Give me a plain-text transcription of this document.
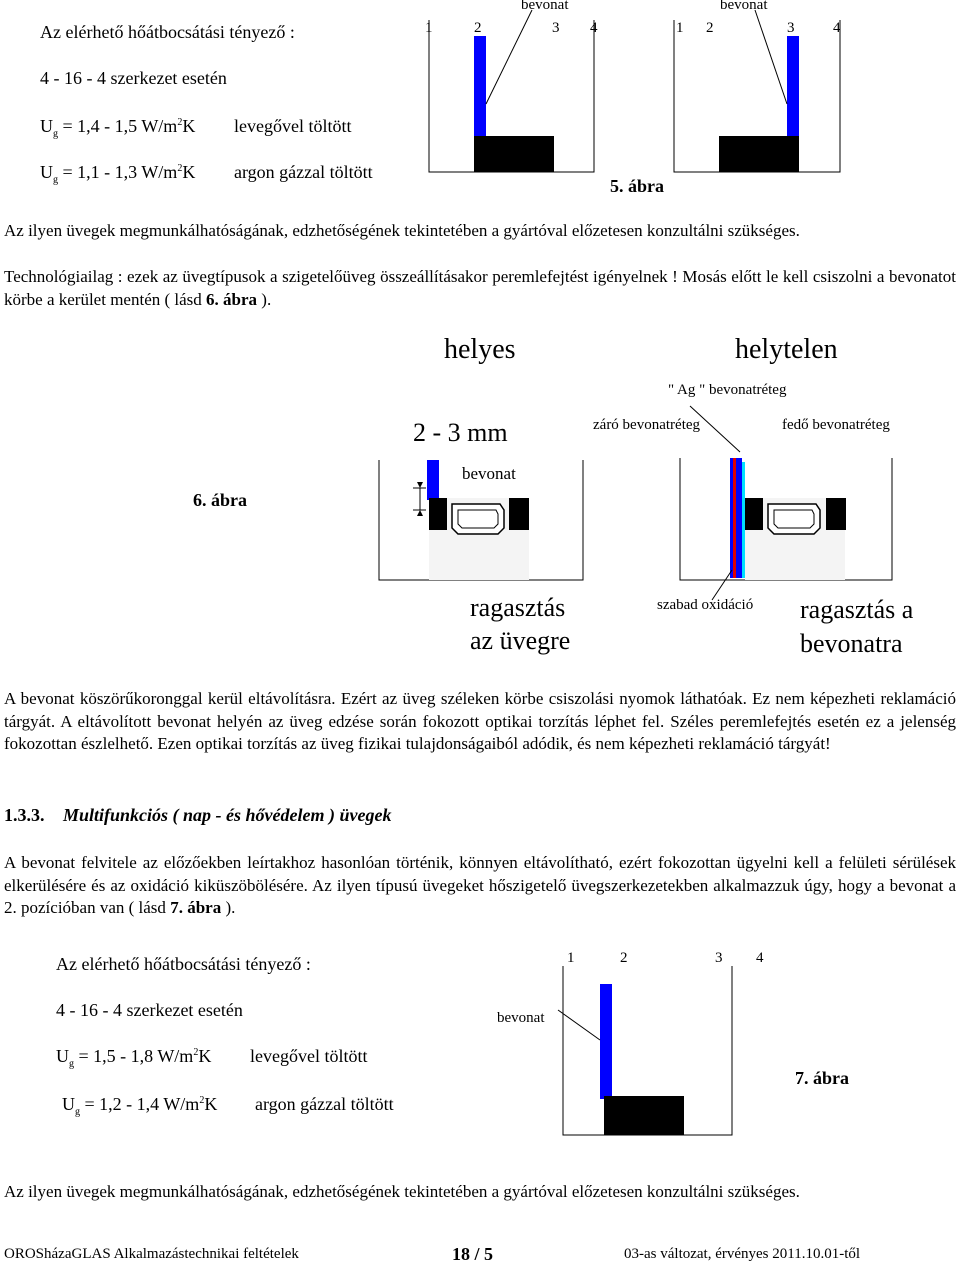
Az elérhető hőátbocsátási tényező :
4 - 16 - 4 szerkezet esetén
$U_g = 1,4 - 1,5$ $W/m^2K$ levegővel töltött
$U_g = 1,1 - 1,3$ $W/m^2K$ argon gázzal töltött
1	2	3 4	1 2	3	4
bevonat	bevonat
5. ábra
Az ilyen üvegek megmunkálhatóságának, edzhetőségének tekintetében a gyártóval előzetesen konzultálni szükséges.
Technológiailag : ezek az üvegtípusok a szigetelőüveg összeállításakor peremlefejtést igényelnek ! Mosás előtt le kell csiszolni a bevonatot körbe a kerület mentén ( lásd 6. ábra ).
helyes	helytelen
" Ag " bevonatréteg
2 - 3 mm	záró bevonatréteg	fedő bevonatréteg
bevonat
6. ábra
ragasztás
az üvegre
szabad oxidáció ragasztás a
bevonatra
A bevonat köszörűkoronggal kerül eltávolításra. Ezért az üveg széleken körbe csiszolási nyomok láthatóak. Ez nem képezheti reklamáció tárgyát. A eltávolított bevonat helyén az üveg edzése során fokozott optikai torzítás léphet fel. Széles peremlefejtés esetén ez a jelenség fokozottan észlelhető. Ezen optikai torzítás az üveg fizikai tulajdonságaiból adódik, és nem képezheti reklamáció tárgyát!
1.3.3. Multifunkciós ( nap - és hővédelem ) üvegek
A bevonat felvitele az előzőekben leírtakhoz hasonlóan történik, könnyen eltávolítható, ezért fokozottan ügyelni kell a felületi sérülések elkerülésére és az oxidáció kiküszöbölésére. Az ilyen típusú üvegeket hőszigetelő üvegszerkezetekben alkalmazzuk úgy, hogy a bevonat a 2. pozícióban van ( lásd 7. ábra ).
Az elérhető hőátbocsátási tényező :
4 - 16 - 4 szerkezet esetén
$U_g = 1,5 - 1,8$ $W/m^2K$ levegővel töltött
$U_g = 1,2 - 1,4$ $W/m^2K$ argon gázzal töltött
1	2	3 4
bevonat
7. ábra
Az ilyen üvegek megmunkálhatóságának, edzhetőségének tekintetében a gyártóval előzetesen konzultálni szükséges.
OROSházaGLAS Alkalmazástechnikai feltételek	18 / 5	03-as változat, érvényes 2011.10.01-től
